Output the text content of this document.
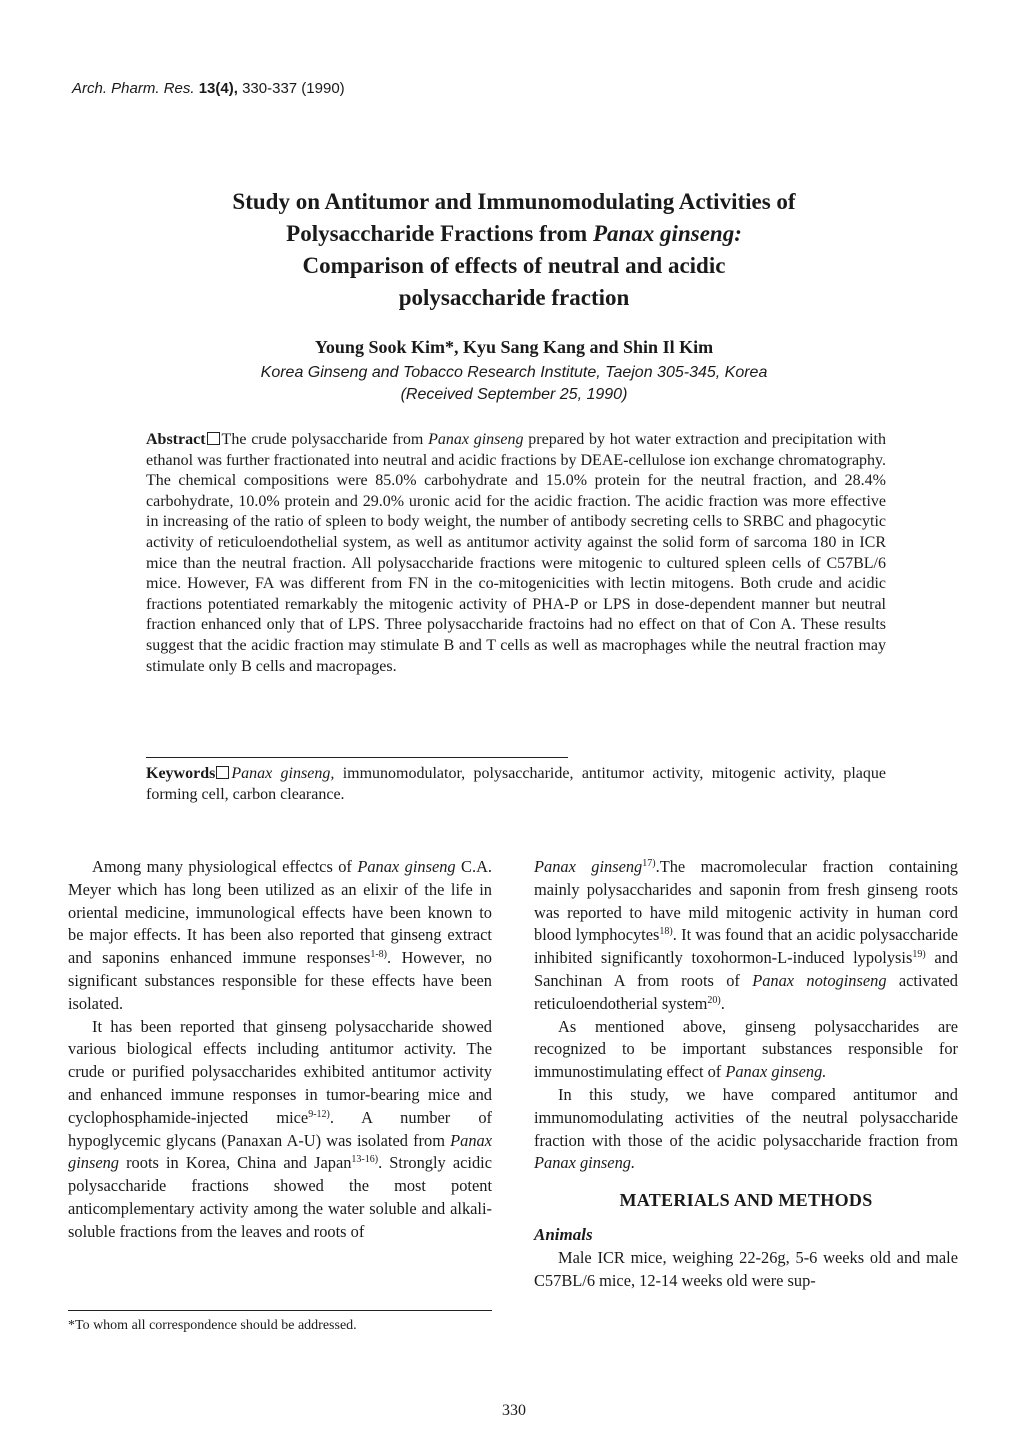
Arch. Pharm. Res. 13(4), 330-337 (1990)
Study on Antitumor and Immunomodulating Activities of
Polysaccharide Fractions from Panax ginseng:
Comparison of effects of neutral and acidic
polysaccharide fraction
Young Sook Kim*, Kyu Sang Kang and Shin Il Kim
Korea Ginseng and Tobacco Research Institute, Taejon 305-345, Korea
(Received September 25, 1990)
Abstract The crude polysaccharide from Panax ginseng prepared by hot water extraction and precipitation with ethanol was further fractionated into neutral and acidic fractions by DEAE-cellulose ion exchange chromatography. The chemical compositions were 85.0% carbohydrate and 15.0% protein for the neutral fraction, and 28.4% carbohydrate, 10.0% protein and 29.0% uronic acid for the acidic fraction. The acidic fraction was more effective in increasing of the ratio of spleen to body weight, the number of antibody secreting cells to SRBC and phagocytic activity of reticuloendothelial system, as well as antitumor activity against the solid form of sarcoma 180 in ICR mice than the neutral fraction. All polysaccharide fractions were mitogenic to cultured spleen cells of C57BL/6 mice. However, FA was different from FN in the co-mitogenicities with lectin mitogens. Both crude and acidic fractions potentiated remarkably the mitogenic activity of PHA-P or LPS in dose-dependent manner but neutral fraction enhanced only that of LPS. Three polysaccharide fractoins had no effect on that of Con A. These results suggest that the acidic fraction may stimulate B and T cells as well as macrophages while the neutral fraction may stimulate only B cells and macropages.
Keywords Panax ginseng, immunomodulator, polysaccharide, antitumor activity, mitogenic activity, plaque forming cell, carbon clearance.

Among many physiological effectcs of Panax ginseng C.A. Meyer which has long been utilized as an elixir of the life in oriental medicine, immunological effects have been known to be major effects. It has been also reported that ginseng extract and saponins enhanced immune responses$^{1-8)}$. However, no significant substances responsible for these effects have been isolated.

It has been reported that ginseng polysaccharide showed various biological effects including antitumor activity. The crude or purified polysaccharides exhibited antitumor activity and enhanced immune responses in tumor-bearing mice and cyclophosphamide-injected mice$^{9-12)}$. A number of hypoglycemic glycans (Panaxan A-U) was isolated from Panax ginseng roots in Korea, China and Japan$^{13-16)}$. Strongly acidic polysaccharide fractions showed the most potent anticomplementary activity among the water soluble and alkali-soluble fractions from the leaves and roots of

Panax ginseng$^{17)}$.The macromolecular fraction containing mainly polysaccharides and saponin from fresh ginseng roots was reported to have mild mitogenic activity in human cord blood lymphocytes$^{18)}$. It was found that an acidic polysaccharide inhibited significantly toxohormon-L-induced lypolysis$^{19)}$ and Sanchinan A from roots of Panax notoginseng activated reticuloendotherial system$^{20)}$.

As mentioned above, ginseng polysaccharides are recognized to be important substances responsible for immunostimulating effect of Panax ginseng.

In this study, we have compared antitumor and immunomodulating activities of the neutral polysaccharide fraction with those of the acidic polysaccharide fraction from Panax ginseng.

MATERIALS AND METHODS
Animals

Male ICR mice, weighing 22-26g, 5-6 weeks old and male C57BL/6 mice, 12-14 weeks old were sup-

*To whom all correspondence should be addressed.
330
